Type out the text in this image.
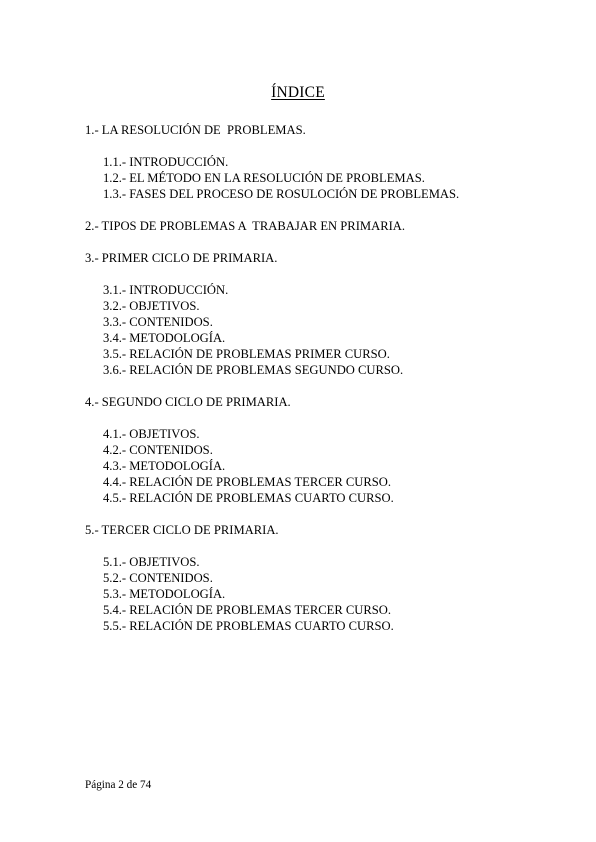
ÍNDICE
1.- LA RESOLUCIÓN DE  PROBLEMAS.
1.1.- INTRODUCCIÓN.
1.2.- EL MÉTODO EN LA RESOLUCIÓN DE PROBLEMAS.
1.3.- FASES DEL PROCESO DE ROSULOCIÓN DE PROBLEMAS.
2.- TIPOS DE PROBLEMAS A  TRABAJAR EN PRIMARIA.
3.- PRIMER CICLO DE PRIMARIA.
3.1.- INTRODUCCIÓN.
3.2.- OBJETIVOS.
3.3.- CONTENIDOS.
3.4.- METODOLOGÍA.
3.5.- RELACIÓN DE PROBLEMAS PRIMER CURSO.
3.6.- RELACIÓN DE PROBLEMAS SEGUNDO CURSO.
4.- SEGUNDO CICLO DE PRIMARIA.
4.1.- OBJETIVOS.
4.2.- CONTENIDOS.
4.3.- METODOLOGÍA.
4.4.- RELACIÓN DE PROBLEMAS TERCER CURSO.
4.5.- RELACIÓN DE PROBLEMAS CUARTO CURSO.
5.- TERCER CICLO DE PRIMARIA.
5.1.- OBJETIVOS.
5.2.- CONTENIDOS.
5.3.- METODOLOGÍA.
5.4.- RELACIÓN DE PROBLEMAS TERCER CURSO.
5.5.- RELACIÓN DE PROBLEMAS CUARTO CURSO.
Página 2 de 74
